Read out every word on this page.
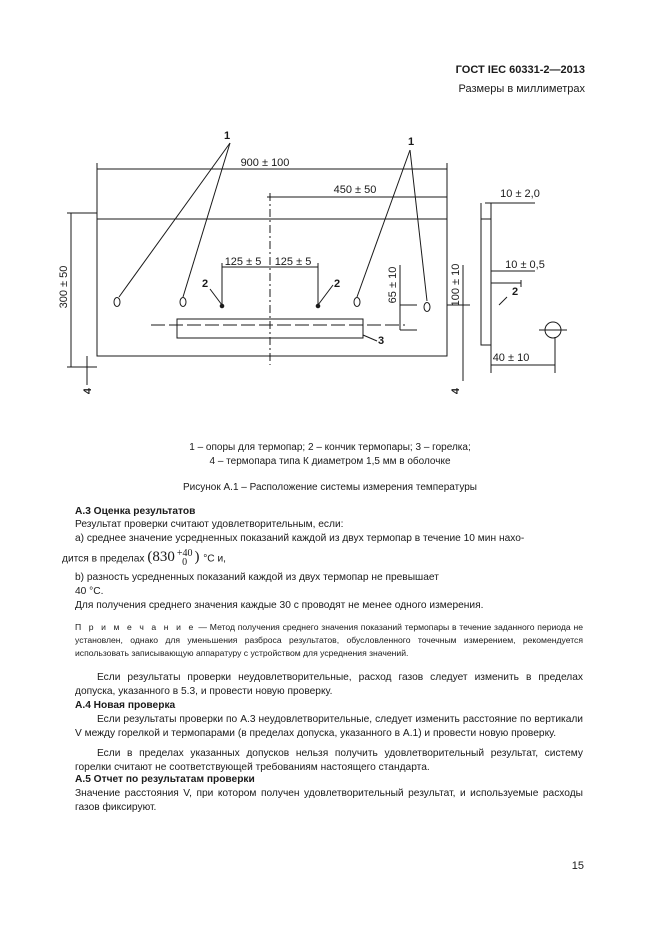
ГОСТ IEC 60331-2—2013
Размеры в миллиметрах
900 ± 100
450 ± 50
125 ± 5 125 ± 5
300 ± 50	65 ± 10	100 ± 10
10 ± 2,0
10 ± 0,5
40 ± 10
1	1
2	2
2
3
4	4
1 – опоры для термопар; 2 – кончик термопары; 3 – горелка;
4 – термопара типа К диаметром 1,5 мм в оболочке
Рисунок А.1 – Расположение системы измерения температуры
А.3 Оценка результатов
Результат проверки считают удовлетворительным, если:
а) среднее значение усредненных показаний каждой из двух термопар в течение 10 мин нахо-
дится в пределах (830 +40
0 ) °С и,
b) разность усредненных показаний каждой из двух термопар не превышает
40 °С.
Для получения среднего значения каждые 30 с проводят не менее одного измерения.
П р и м е ч а н и е — Метод получения среднего значения показаний термопары в течение заданного периода не установлен, однако для уменьшения разброса результатов, обусловленного точечным измерением, рекомендуется использовать записывающую аппаратуру с устройством для усреднения значений.
Если результаты проверки неудовлетворительные, расход газов следует изменить в пределах допуска, указанного в 5.3, и провести новую проверку.
А.4 Новая проверка
Если результаты проверки по А.3 неудовлетворительные, следует изменить расстояние по вертикали V между горелкой и термопарами (в пределах допуска, указанного в А.1) и провести новую проверку.
Если в пределах указанных допусков нельзя получить удовлетворительный результат, систему горелки считают не соответствующей требованиям настоящего стандарта.
А.5 Отчет по результатам проверки
Значение расстояния V, при котором получен удовлетворительный результат, и используемые расходы газов фиксируют.
15
